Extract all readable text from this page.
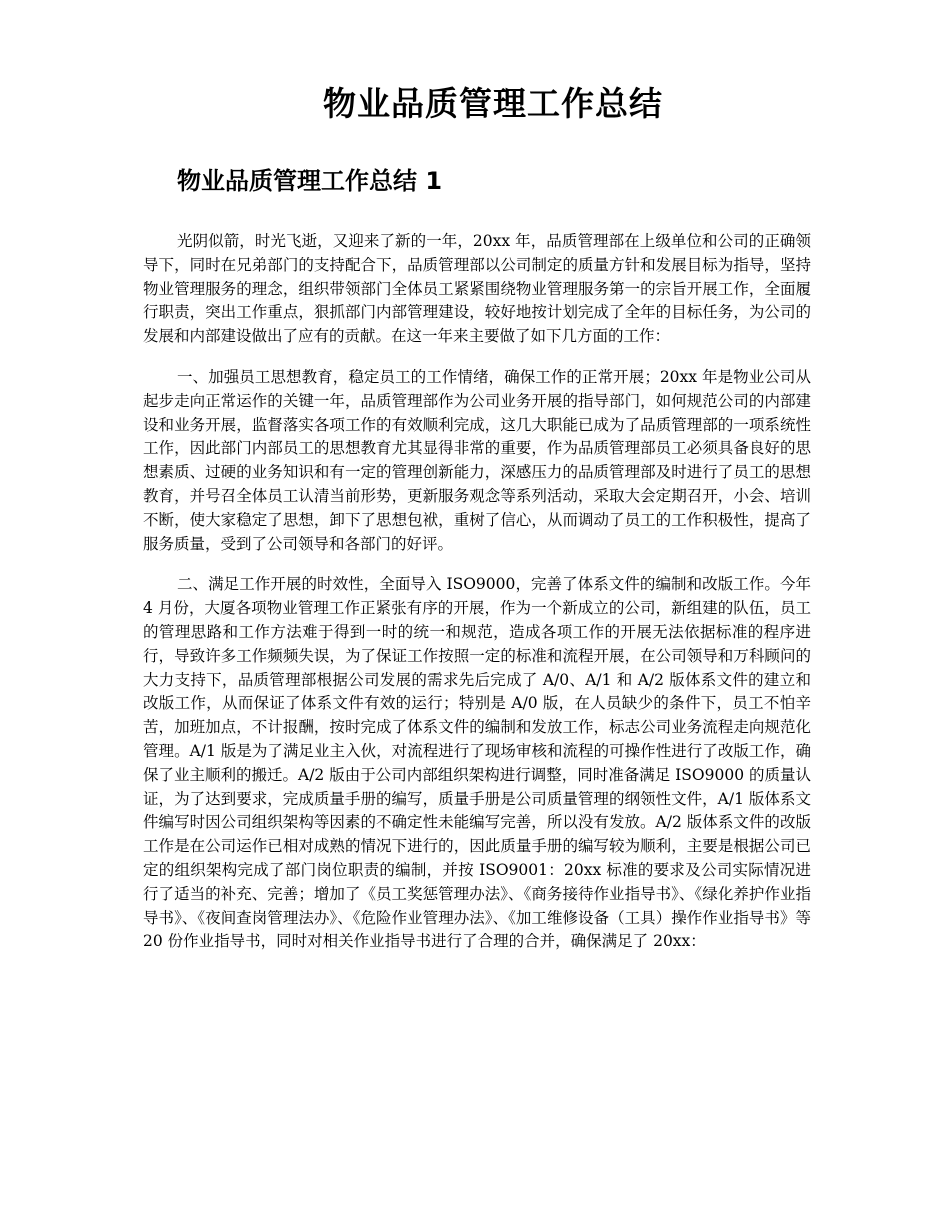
物业品质管理工作总结
物业品质管理工作总结 1

光阴似箭，时光飞逝，又迎来了新的一年，20xx 年，品质管理部在上级单位和公司的正确领导下，同时在兄弟部门的支持配合下，品质管理部以公司制定的质量方针和发展目标为指导，坚持物业管理服务的理念，组织带领部门全体员工紧紧围绕物业管理服务第一的宗旨开展工作，全面履行职责，突出工作重点，狠抓部门内部管理建设，较好地按计划完成了全年的目标任务，为公司的发展和内部建设做出了应有的贡献。在这一年来主要做了如下几方面的工作：

一、加强员工思想教育，稳定员工的工作情绪，确保工作的正常开展；20xx 年是物业公司从起步走向正常运作的关键一年，品质管理部作为公司业务开展的指导部门，如何规范公司的内部建设和业务开展，监督落实各项工作的有效顺利完成，这几大职能已成为了品质管理部的一项系统性工作，因此部门内部员工的思想教育尤其显得非常的重要，作为品质管理部员工必须具备良好的思想素质、过硬的业务知识和有一定的管理创新能力，深感压力的品质管理部及时进行了员工的思想教育，并号召全体员工认清当前形势，更新服务观念等系列活动，采取大会定期召开，小会、培训不断，使大家稳定了思想，卸下了思想包袱，重树了信心，从而调动了员工的工作积极性，提高了服务质量，受到了公司领导和各部门的好评。

二、满足工作开展的时效性，全面导入 ISO9000，完善了体系文件的编制和改版工作。今年 4 月份，大厦各项物业管理工作正紧张有序的开展，作为一个新成立的公司，新组建的队伍，员工的管理思路和工作方法难于得到一时的统一和规范，造成各项工作的开展无法依据标准的程序进行，导致许多工作频频失误，为了保证工作按照一定的标准和流程开展，在公司领导和万科顾问的大力支持下，品质管理部根据公司发展的需求先后完成了 A/0、A/1 和 A/2 版体系文件的建立和改版工作，从而保证了体系文件有效的运行；特别是 A/0 版，在人员缺少的条件下，员工不怕辛苦，加班加点，不计报酬，按时完成了体系文件的编制和发放工作，标志公司业务流程走向规范化管理。A/1 版是为了满足业主入伙，对流程进行了现场审核和流程的可操作性进行了改版工作，确保了业主顺利的搬迁。A/2 版由于公司内部组织架构进行调整，同时准备满足 ISO9000 的质量认证，为了达到要求，完成质量手册的编写，质量手册是公司质量管理的纲领性文件，A/1 版体系文件编写时因公司组织架构等因素的不确定性未能编写完善，所以没有发放。A/2 版体系文件的改版工作是在公司运作已相对成熟的情况下进行的，因此质量手册的编写较为顺利，主要是根据公司已定的组织架构完成了部门岗位职责的编制，并按 ISO9001：20xx 标准的要求及公司实际情况进行了适当的补充、完善；增加了《员工奖惩管理办法》、《商务接待作业指导书》、《绿化养护作业指导书》、《夜间查岗管理法办》、《危险作业管理办法》、《加工维修设备（工具）操作作业指导书》等 20 份作业指导书，同时对相关作业指导书进行了合理的合并，确保满足了 20xx：
